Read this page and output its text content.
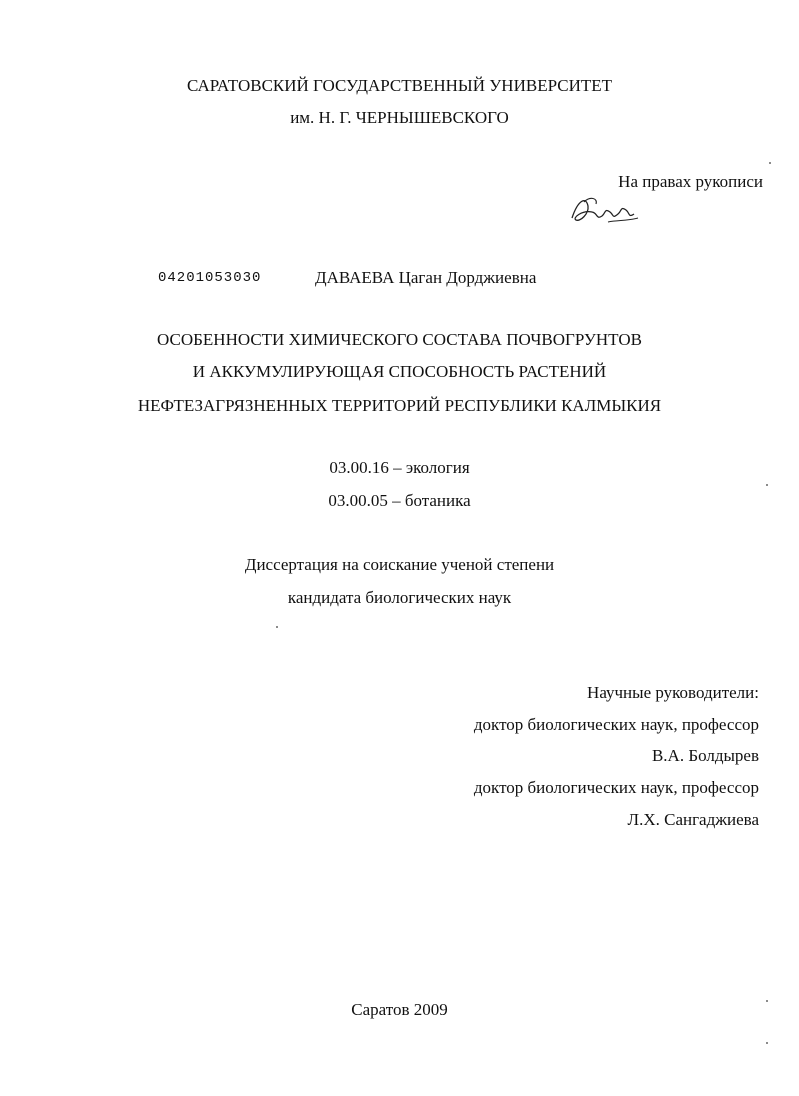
САРАТОВСКИЙ ГОСУДАРСТВЕННЫЙ УНИВЕРСИТЕТ
им. Н. Г. ЧЕРНЫШЕВСКОГО
На правах рукописи
04201053030	ДАВАЕВА Цаган Дорджиевна
ОСОБЕННОСТИ ХИМИЧЕСКОГО СОСТАВА ПОЧВОГРУНТОВ
И АККУМУЛИРУЮЩАЯ СПОСОБНОСТЬ РАСТЕНИЙ
НЕФТЕЗАГРЯЗНЕННЫХ ТЕРРИТОРИЙ РЕСПУБЛИКИ КАЛМЫКИЯ
03.00.16 – экология
03.00.05 – ботаника
Диссертация на соискание ученой степени
кандидата биологических наук
Научные руководители:
доктор биологических наук, профессор
В.А. Болдырев
доктор биологических наук, профессор
Л.Х. Сангаджиева
Саратов 2009
